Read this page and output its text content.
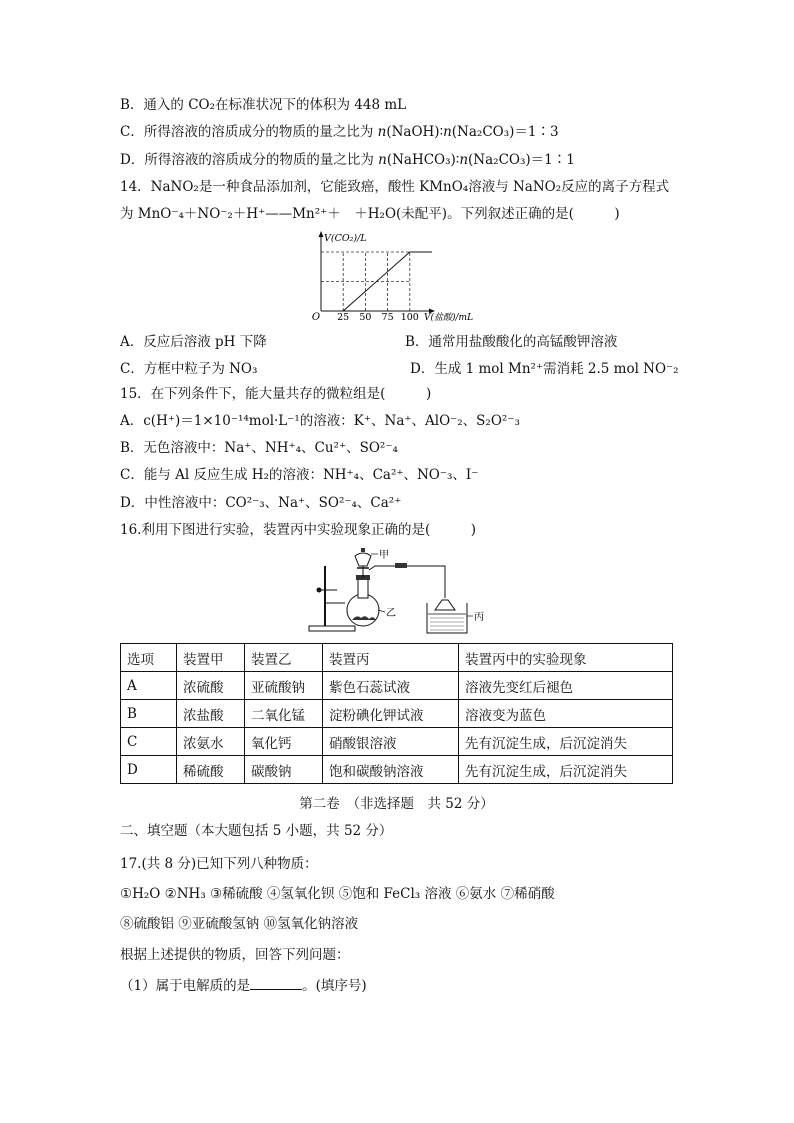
B．通入的 CO₂在标准状况下的体积为 448 mL
C．所得溶液的溶质成分的物质的量之比为 n(NaOH)∶n(Na₂CO₃)＝1∶3
D．所得溶液的溶质成分的物质的量之比为 n(NaHCO₃)∶n(Na₂CO₃)＝1∶1
14．NaNO₂是一种食品添加剂，它能致癌，酸性 KMnO₄溶液与 NaNO₂反应的离子方程式
为 MnO⁻₄＋NO⁻₂＋H⁺——Mn²⁺＋　＋H₂O(未配平)。下列叙述正确的是(　　　)
25 50 75 100
O
V(CO₂)/L
V(盐酸)/mL
A．反应后溶液 pH 下降	B．通常用盐酸酸化的高锰酸钾溶液
C．方框中粒子为 NO₃	D．生成 1 mol Mn²⁺需消耗 2.5 mol NO⁻₂
15．在下列条件下，能大量共存的微粒组是(　　　)
A．c(H⁺)＝1×10⁻¹⁴mol·L⁻¹的溶液：K⁺、Na⁺、AlO⁻₂、S₂O²⁻₃
B．无色溶液中：Na⁺、NH⁺₄、Cu²⁺、SO²⁻₄
C．能与 Al 反应生成 H₂的溶液：NH⁺₄、Ca²⁺、NO⁻₃、I⁻
D．中性溶液中：CO²⁻₃、Na⁺、SO²⁻₄、Ca²⁺
16.利用下图进行实验，装置丙中实验现象正确的是(　　　)
甲
乙	丙
选项	装置甲	装置乙	装置丙	装置丙中的实验现象
A	浓硫酸	亚硫酸钠	紫色石蕊试液	溶液先变红后褪色
B	浓盐酸	二氧化锰	淀粉碘化钾试液	溶液变为蓝色
C	浓氨水	氧化钙	硝酸银溶液	先有沉淀生成，后沉淀消失
D	稀硫酸	碳酸钠	饱和碳酸钠溶液	先有沉淀生成，后沉淀消失
第二卷　（非选择题　共 52 分）
二、填空题（本大题包括 5 小题，共 52 分）
17.(共 8 分)已知下列八种物质：
①H₂O ②NH₃ ③稀硫酸 ④氢氧化钡 ⑤饱和 FeCl₃ 溶液 ⑥氨水 ⑦稀硝酸
⑧硫酸铝 ⑨亚硫酸氢钠 ⑩氢氧化钠溶液
根据上述提供的物质，回答下列问题：
（1）属于电解质的是	。(填序号)
